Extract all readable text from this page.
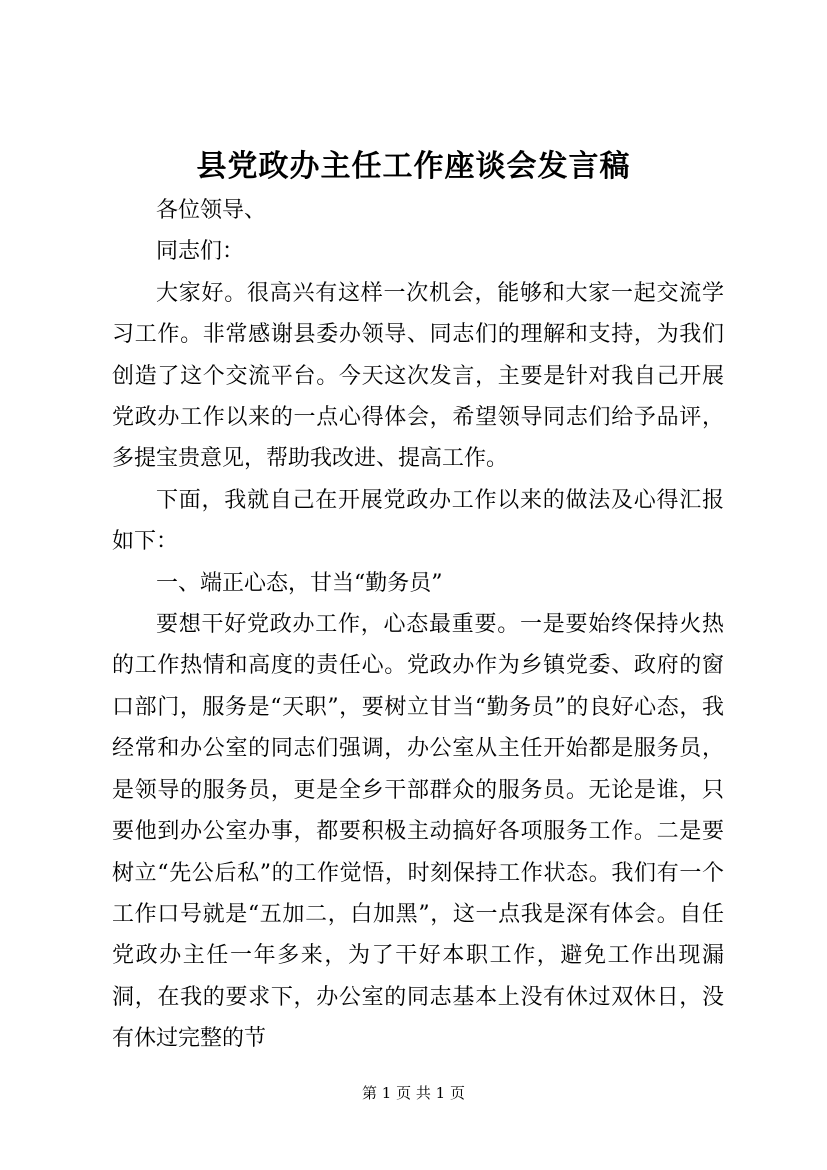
县党政办主任工作座谈会发言稿

各位领导、

同志们：

大家好。很高兴有这样一次机会，能够和大家一起交流学习工作。非常感谢县委办领导、同志们的理解和支持，为我们创造了这个交流平台。今天这次发言，主要是针对我自己开展党政办工作以来的一点心得体会，希望领导同志们给予品评，多提宝贵意见，帮助我改进、提高工作。

下面，我就自己在开展党政办工作以来的做法及心得汇报如下：

一、端正心态，甘当“勤务员”

要想干好党政办工作，心态最重要。一是要始终保持火热的工作热情和高度的责任心。党政办作为乡镇党委、政府的窗口部门，服务是“天职”，要树立甘当“勤务员”的良好心态，我经常和办公室的同志们强调，办公室从主任开始都是服务员，是领导的服务员，更是全乡干部群众的服务员。无论是谁，只要他到办公室办事，都要积极主动搞好各项服务工作。二是要树立“先公后私”的工作觉悟，时刻保持工作状态。我们有一个工作口号就是“五加二，白加黑”，这一点我是深有体会。自任党政办主任一年多来，为了干好本职工作，避免工作出现漏洞，在我的要求下，办公室的同志基本上没有休过双休日，没有休过完整的节

第 1 页 共 1 页
